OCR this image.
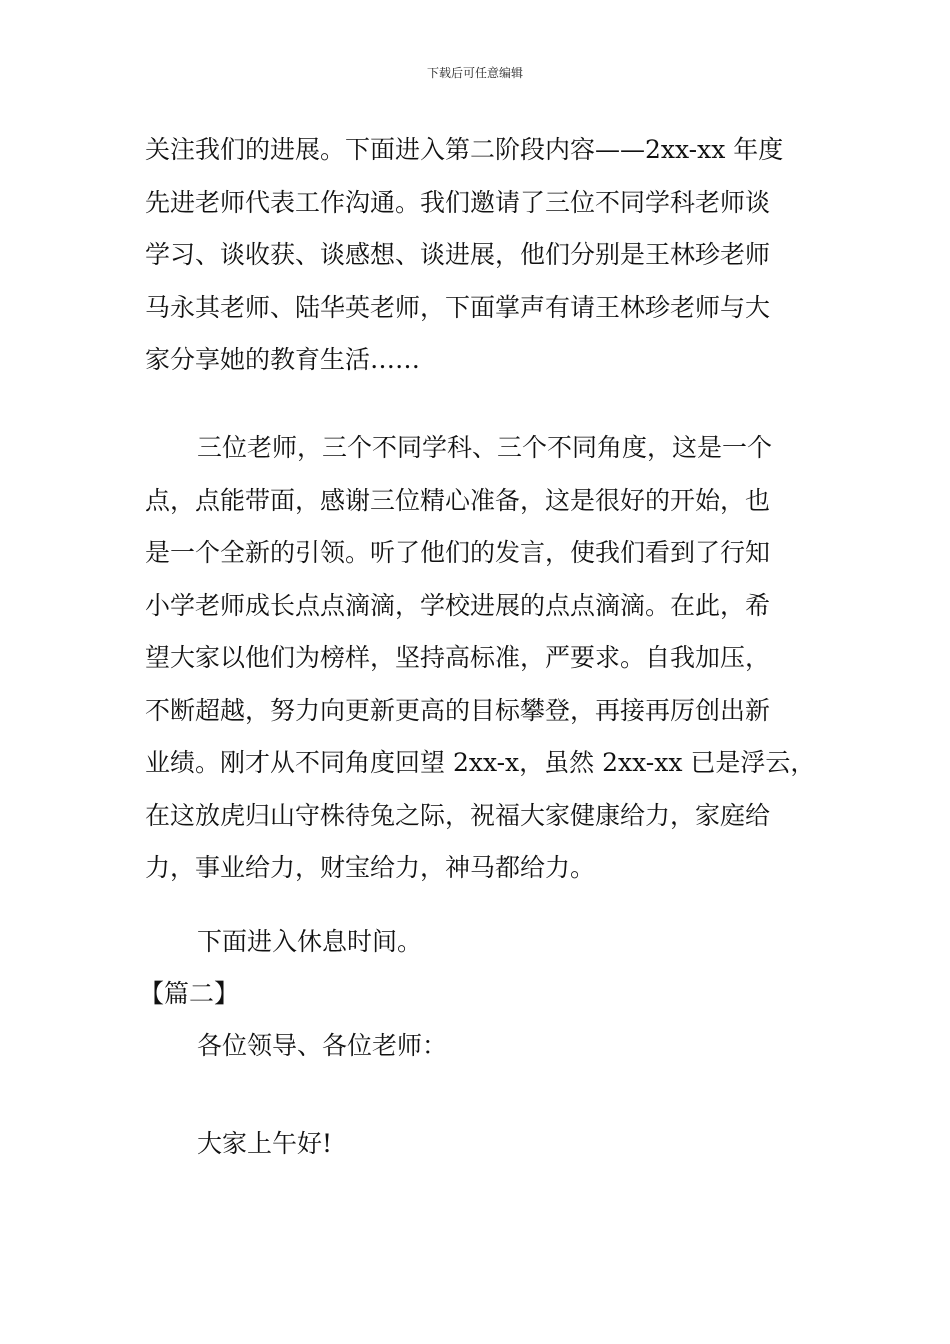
下载后可任意编辑

关注我们的进展。下面进入第二阶段内容——2xx-xx 年度
先进老师代表工作沟通。我们邀请了三位不同学科老师谈
学习、谈收获、谈感想、谈进展，他们分别是王林珍老师
马永其老师、陆华英老师，下面掌声有请王林珍老师与大
家分享她的教育生活……

三位老师，三个不同学科、三个不同角度，这是一个
点，点能带面，感谢三位精心准备，这是很好的开始，也
是一个全新的引领。听了他们的发言，使我们看到了行知
小学老师成长点点滴滴，学校进展的点点滴滴。在此，希
望大家以他们为榜样，坚持高标准，严要求。自我加压，
不断超越，努力向更新更高的目标攀登，再接再厉创出新
业绩。刚才从不同角度回望 2xx-x，虽然 2xx-xx 已是浮云，
在这放虎归山守株待兔之际，祝福大家健康给力，家庭给
力，事业给力，财宝给力，神马都给力。

下面进入休息时间。

【篇二】

各位领导、各位老师：

大家上午好!
